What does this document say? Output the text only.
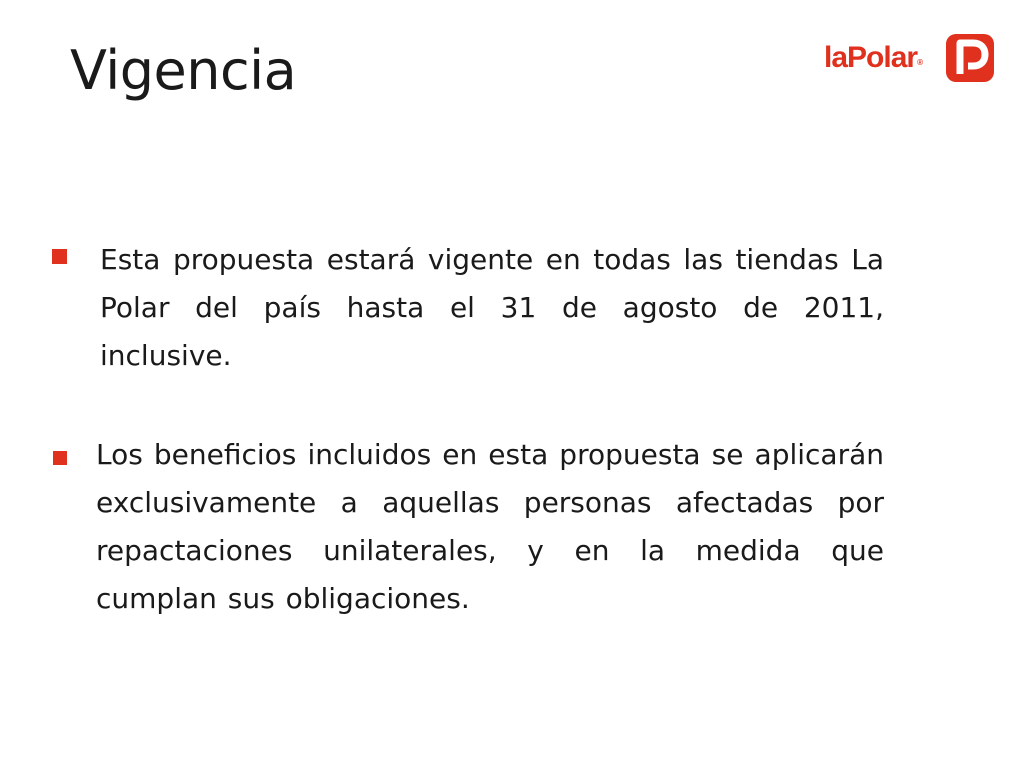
Vigencia	laPolar®

Esta propuesta estará vigente en todas las tiendas La Polar del país hasta el 31 de agosto de 2011, inclusive.

Los beneficios incluidos en esta propuesta se aplicarán exclusivamente a aquellas personas afectadas por repactaciones unilaterales, y en la medida que cumplan sus obligaciones.
